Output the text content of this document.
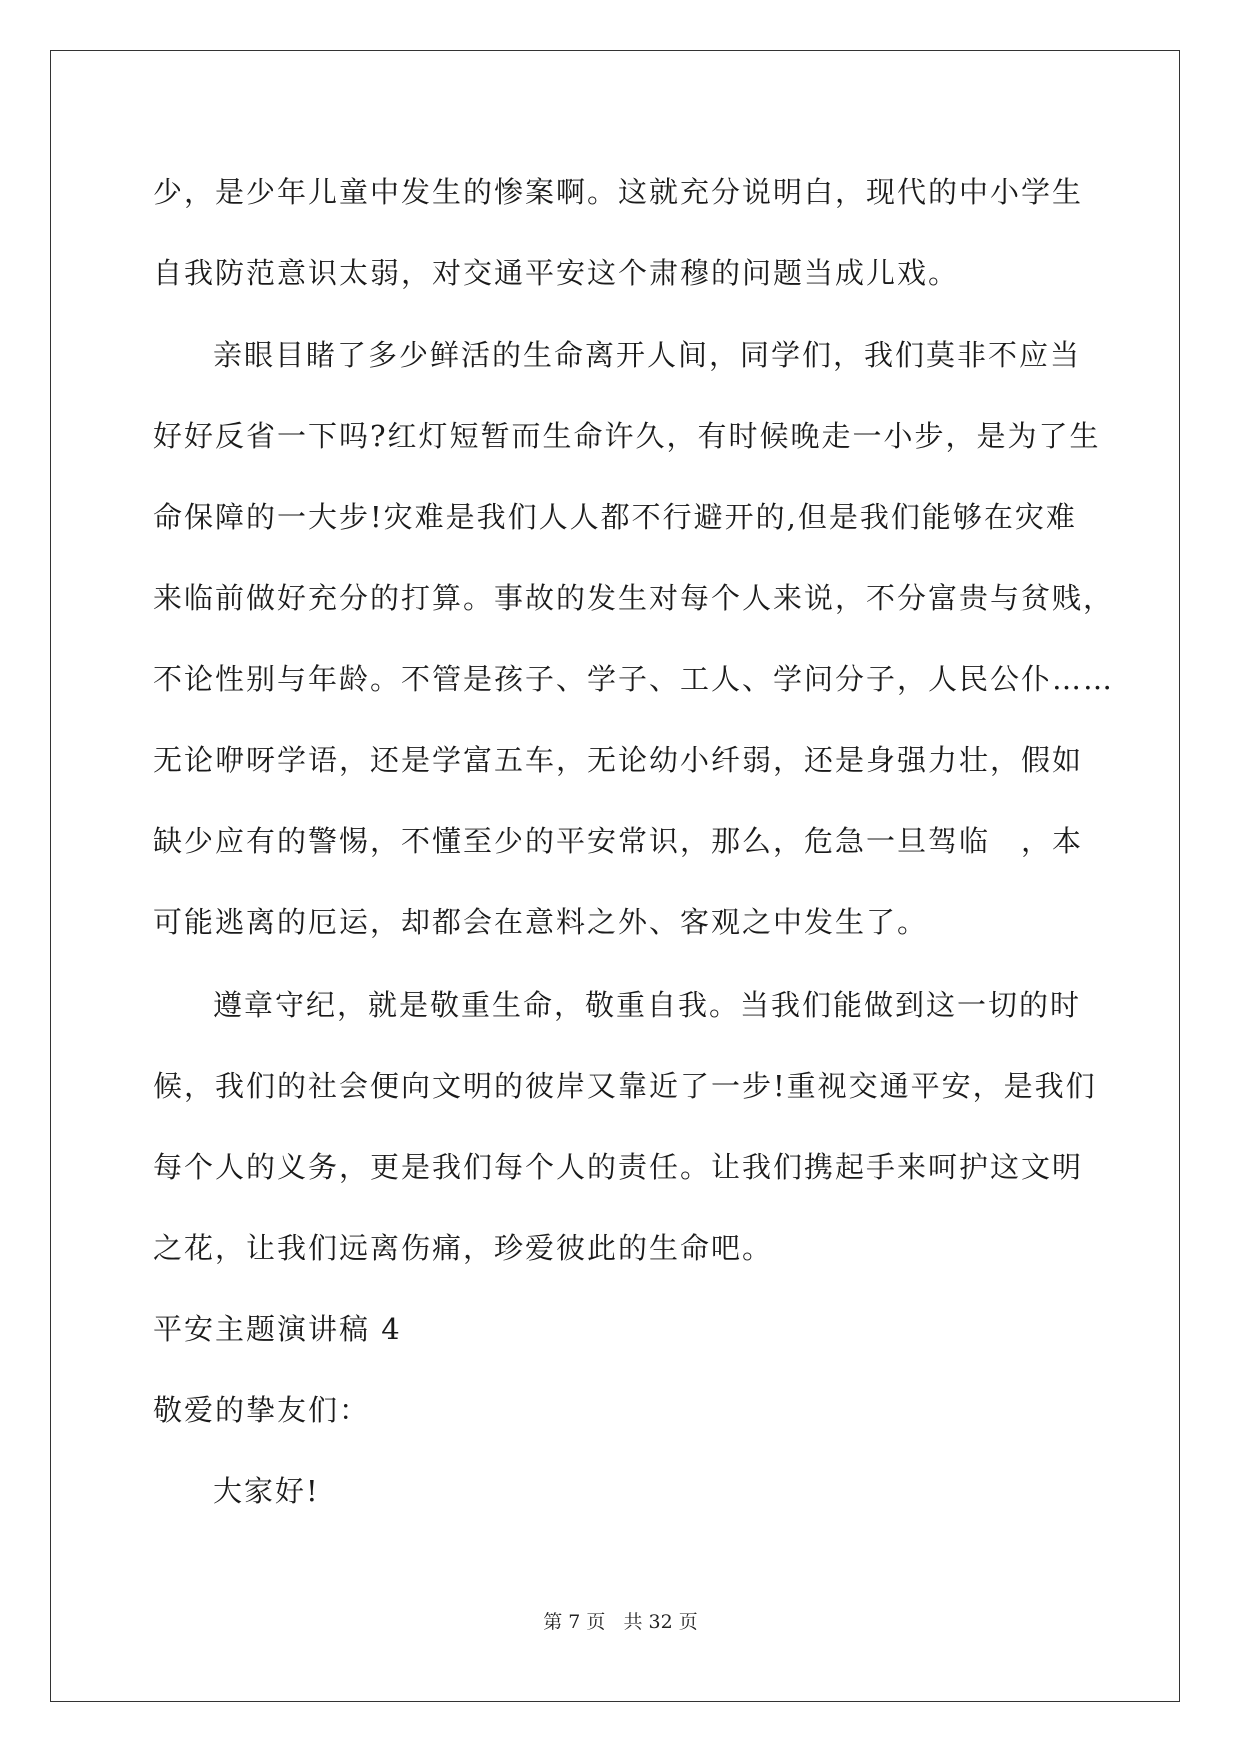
少，是少年儿童中发生的惨案啊。这就充分说明白，现代的中小学生
自我防范意识太弱，对交通平安这个肃穆的问题当成儿戏。
亲眼目睹了多少鲜活的生命离开人间，同学们，我们莫非不应当
好好反省一下吗?红灯短暂而生命许久，有时候晚走一小步，是为了生
命保障的一大步!灾难是我们人人都不行避开的,但是我们能够在灾难
来临前做好充分的打算。事故的发生对每个人来说，不分富贵与贫贱，
不论性别与年龄。不管是孩子、学子、工人、学问分子，人民公仆……
无论咿呀学语，还是学富五车，无论幼小纤弱，还是身强力壮，假如
缺少应有的警惕，不懂至少的平安常识，那么，危急一旦驾临　，本
可能逃离的厄运，却都会在意料之外、客观之中发生了。
遵章守纪，就是敬重生命，敬重自我。当我们能做到这一切的时
候，我们的社会便向文明的彼岸又靠近了一步!重视交通平安，是我们
每个人的义务，更是我们每个人的责任。让我们携起手来呵护这文明
之花，让我们远离伤痛，珍爱彼此的生命吧。
平安主题演讲稿 4
敬爱的挚友们：
大家好!
第 7 页 共 32 页
